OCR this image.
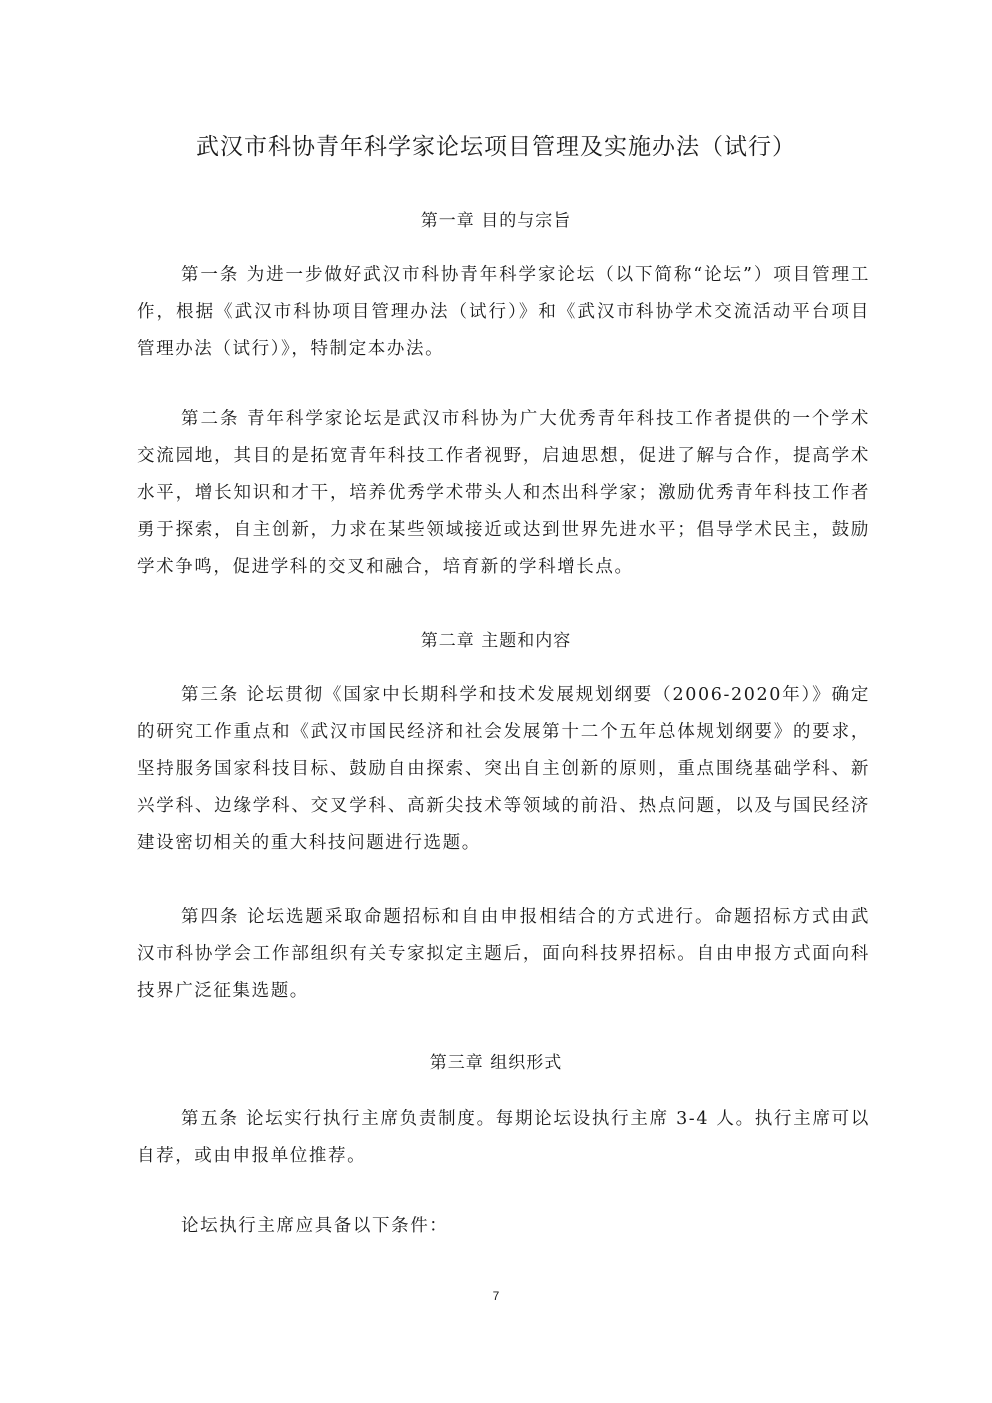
武汉市科协青年科学家论坛项目管理及实施办法（试行）
第一章 目的与宗旨

第一条 为进一步做好武汉市科协青年科学家论坛（以下简称“论坛”）项目管理工作，根据《武汉市科协项目管理办法（试行）》和《武汉市科协学术交流活动平台项目管理办法（试行）》，特制定本办法。

第二条 青年科学家论坛是武汉市科协为广大优秀青年科技工作者提供的一个学术交流园地，其目的是拓宽青年科技工作者视野，启迪思想，促进了解与合作，提高学术水平，增长知识和才干，培养优秀学术带头人和杰出科学家；激励优秀青年科技工作者勇于探索，自主创新，力求在某些领域接近或达到世界先进水平；倡导学术民主，鼓励学术争鸣，促进学科的交叉和融合，培育新的学科增长点。

第二章 主题和内容

第三条 论坛贯彻《国家中长期科学和技术发展规划纲要（2006-2020年）》确定的研究工作重点和《武汉市国民经济和社会发展第十二个五年总体规划纲要》的要求，坚持服务国家科技目标、鼓励自由探索、突出自主创新的原则，重点围绕基础学科、新兴学科、边缘学科、交叉学科、高新尖技术等领域的前沿、热点问题，以及与国民经济建设密切相关的重大科技问题进行选题。

第四条 论坛选题采取命题招标和自由申报相结合的方式进行。命题招标方式由武汉市科协学会工作部组织有关专家拟定主题后，面向科技界招标。自由申报方式面向科技界广泛征集选题。

第三章 组织形式

第五条 论坛实行执行主席负责制度。每期论坛设执行主席 3-4 人。执行主席可以自荐，或由申报单位推荐。

论坛执行主席应具备以下条件：

7
